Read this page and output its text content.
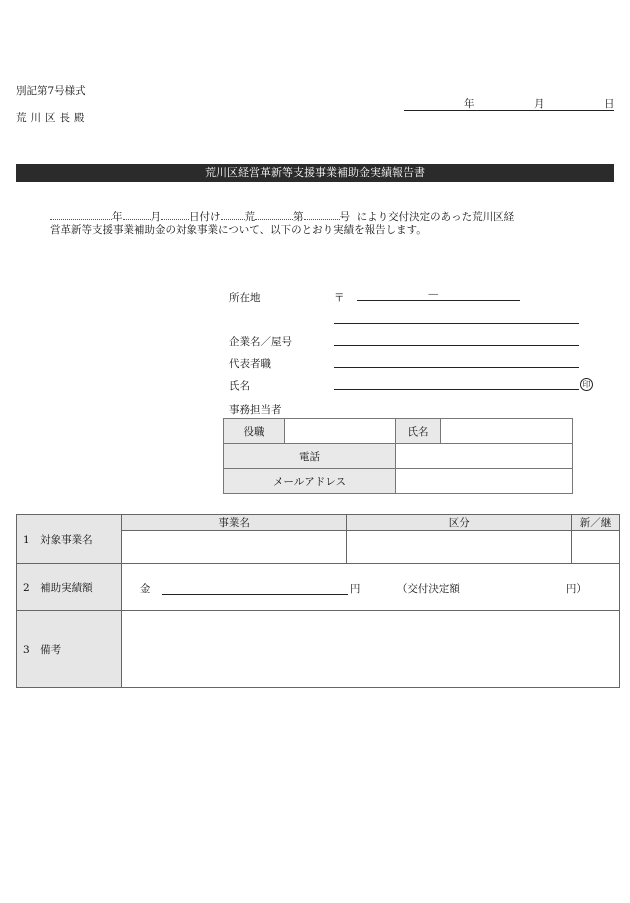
別記第7号様式
荒川区長殿
年	月	日
荒川区経営革新等支援事業補助金実績報告書
年	月	日付け 荒	第	号 により交付決定のあった荒川区経
営革新等支援事業補助金の対象事業について、以下のとおり実績を報告します。
所在地	〒	—
企業名／屋号
代表者職
氏名	印
事務担当者
役職		氏名	
電話			
メールアドレス			
1　対象事業名	事業名	区分	新／継

2　補助実績額	金 円 （交付決定額 円）		

3　備考			
